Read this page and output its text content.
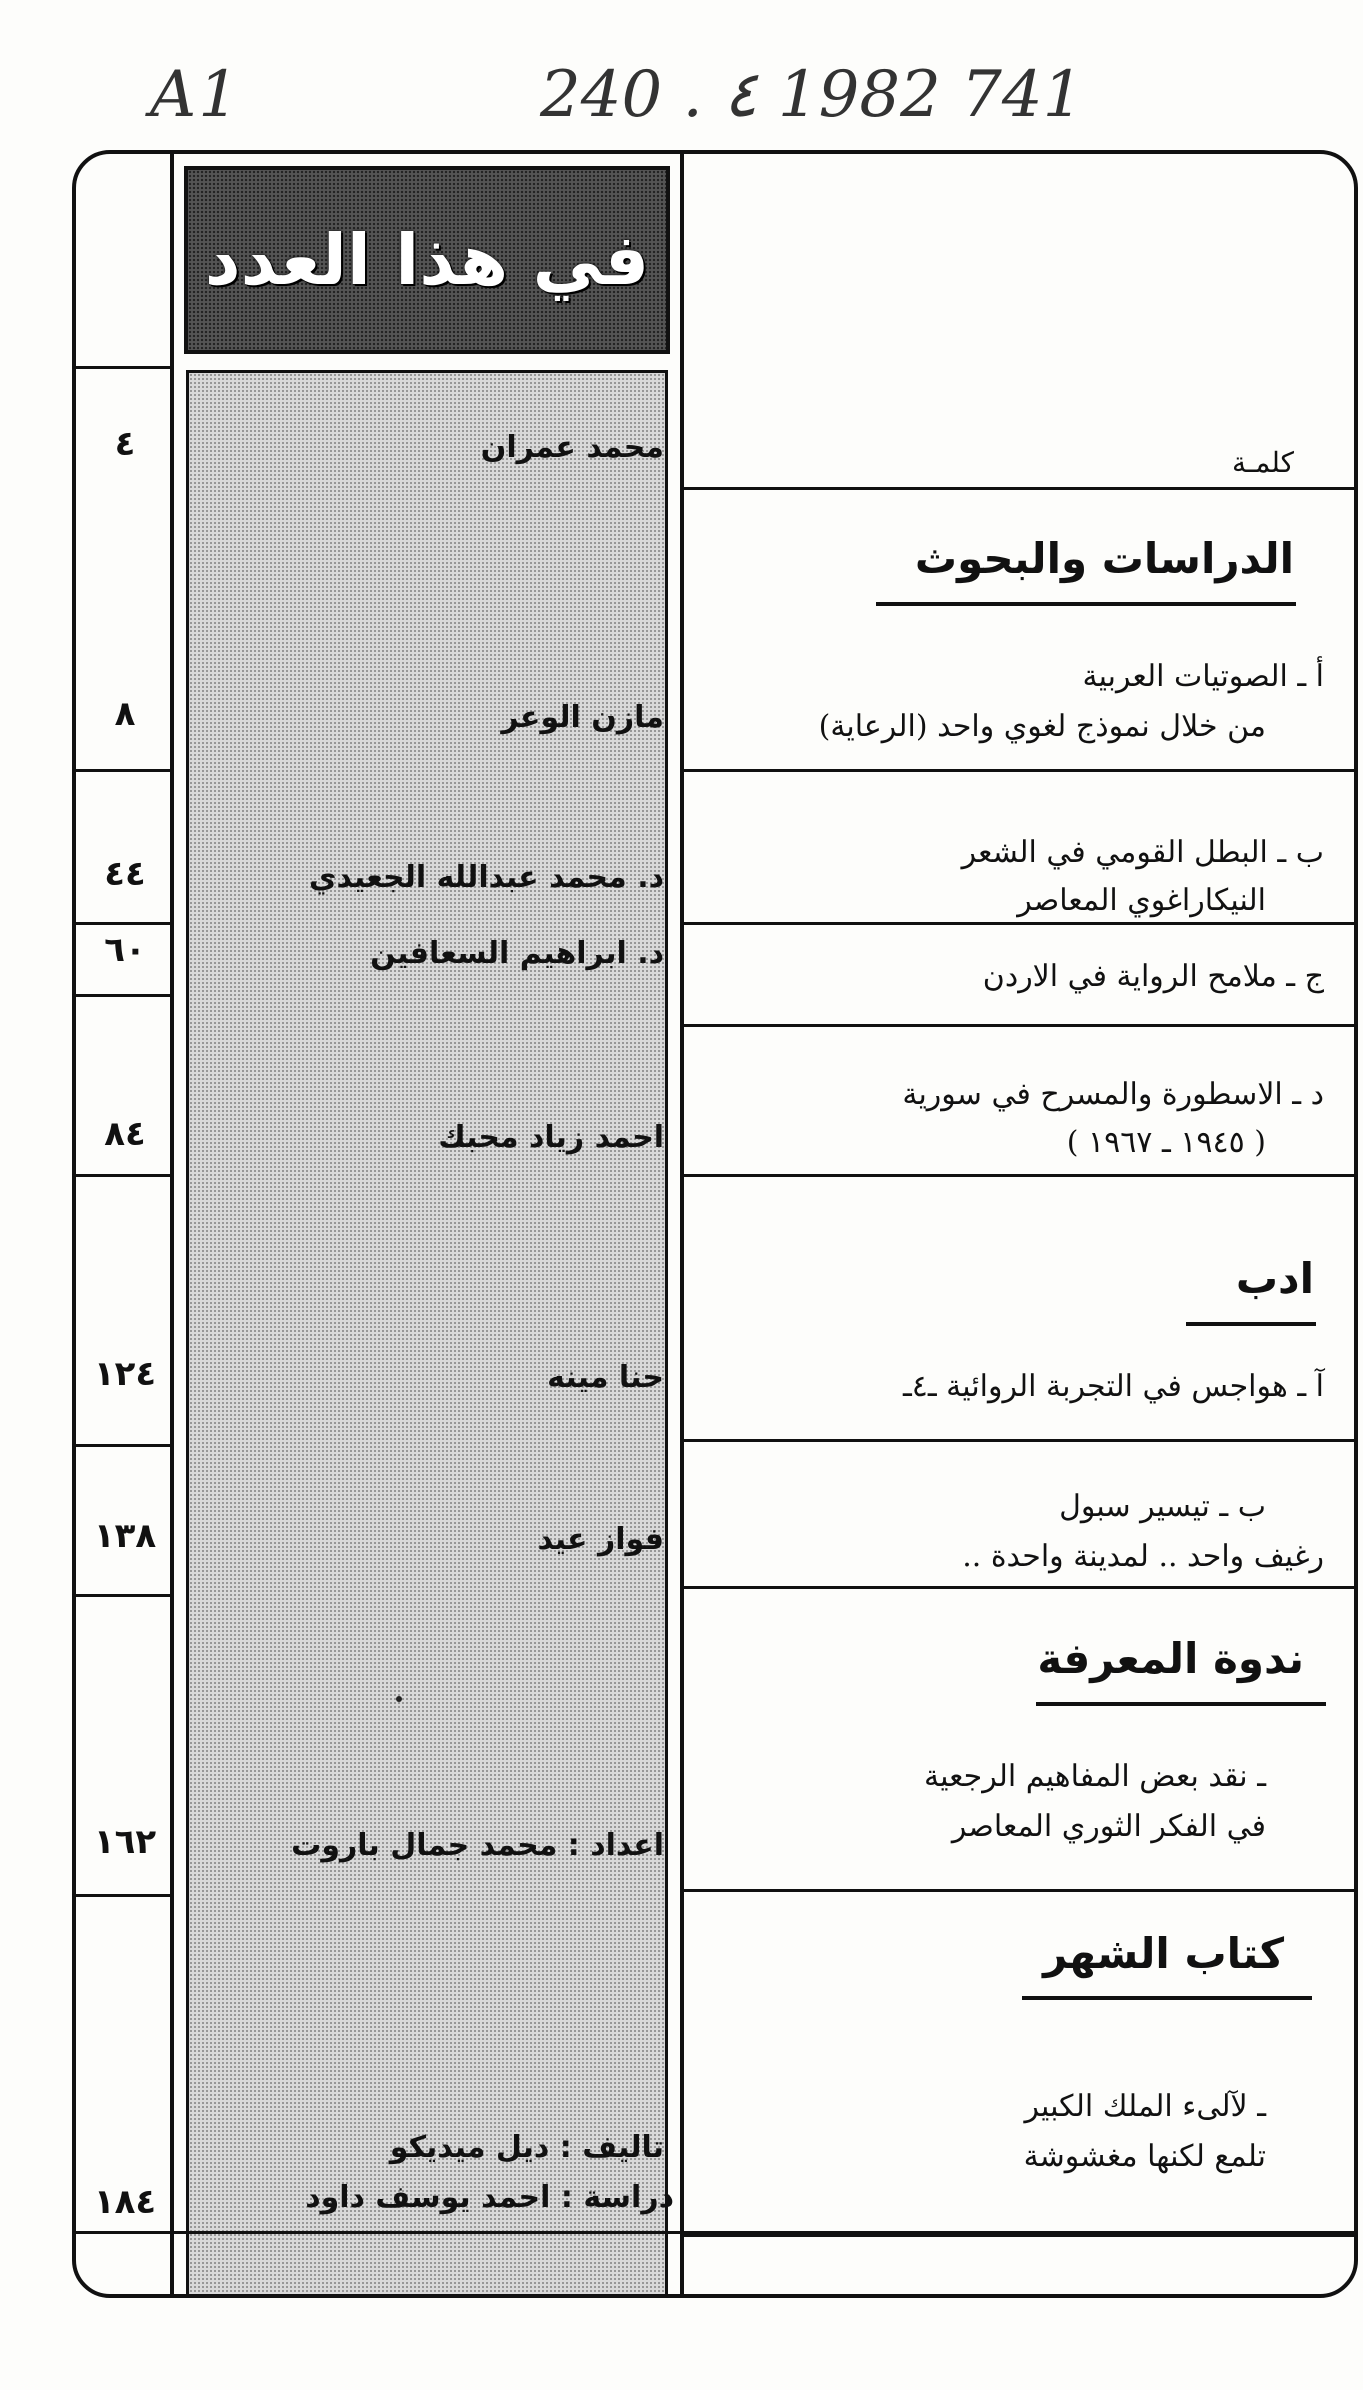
A1	240 . ٤ 1982 741
في هذا العدد
٤
٨
٤٤
٦٠
٨٤
١٢٤
١٣٨
١٦٢
١٨٤
محمد عمران
مازن الوعر
د. محمد عبدالله الجعيدي
د. ابراهيم السعافين
احمد زياد محبك
حنا مينه
فواز عيد
اعداد : محمد جمال باروت
تاليف : ديل ميديكو
دراسة : احمد يوسف داود
كلمـة
الدراسات والبحوث
أ ـ الصوتيات العربية
من خلال نموذج لغوي واحد (الرعاية)
ب ـ البطل القومي في الشعر
النيكاراغوي المعاصر
ج ـ ملامح الرواية في الاردن
د ـ الاسطورة والمسرح في سورية
( ١٩٤٥ ـ ١٩٦٧ )
ادب
آ ـ هواجس في التجربة الروائية ـ٤ـ
ب ـ تيسير سبول
رغيف واحد .. لمدينة واحدة ..
ندوة المعرفة
ـ نقد بعض المفاهيم الرجعية
في الفكر الثوري المعاصر
كتاب الشهر
ـ لآلىء الملك الكبير
تلمع لكنها مغشوشة
